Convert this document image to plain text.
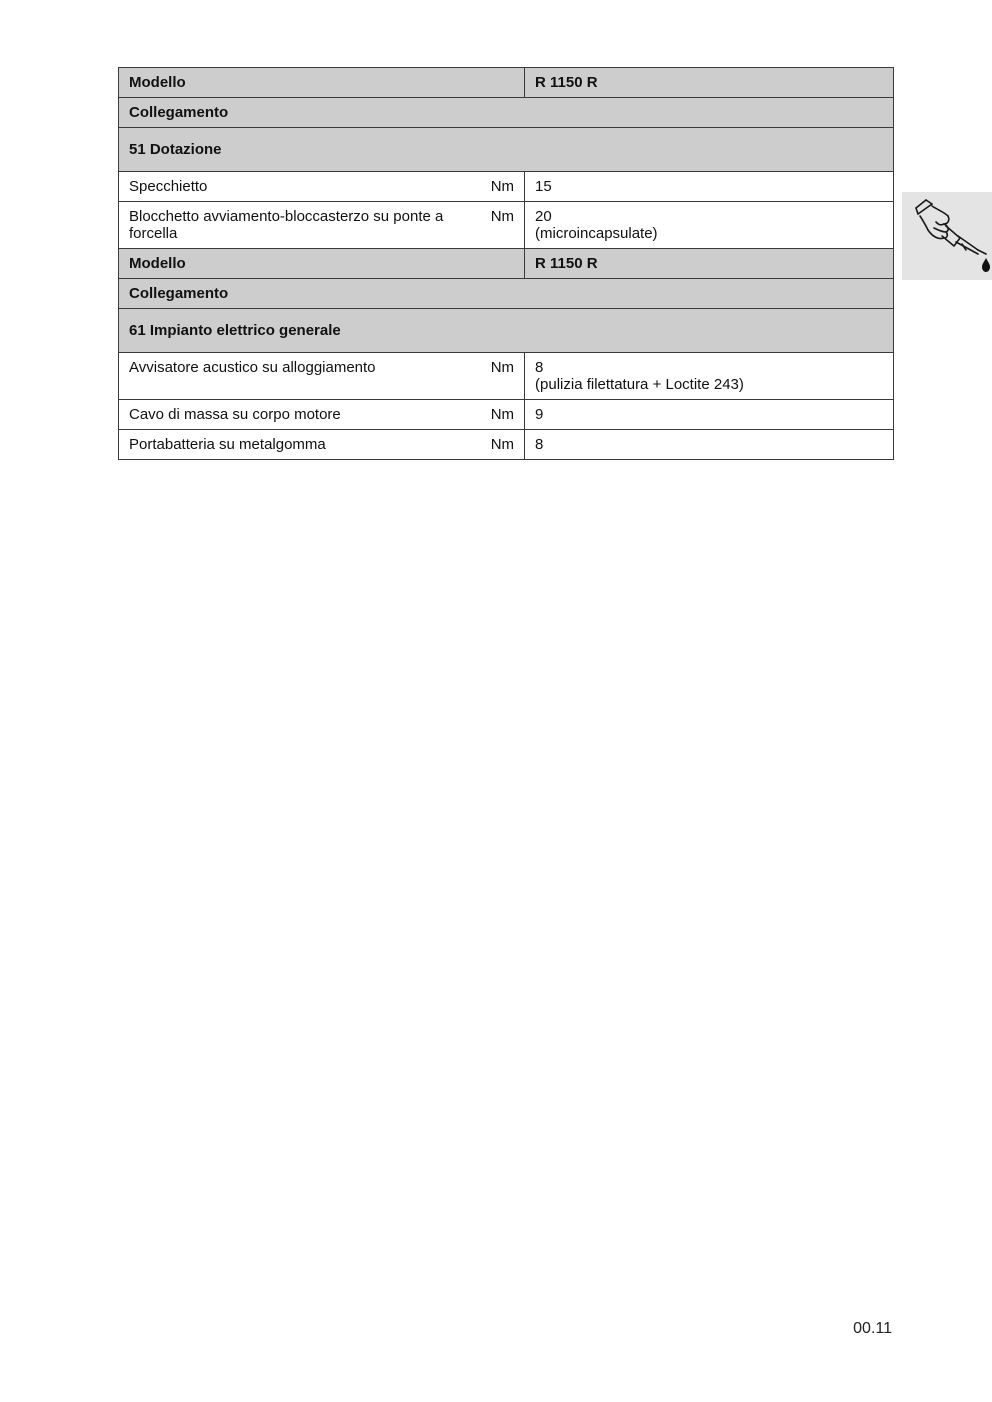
Modello		R 1150 R
Collegamento		
51 Dotazione		
Specchietto	Nm	15

Blocchetto avviamento-bloccasterzo su ponte a forcella	Nm	20
(microincapsulate)

Modello		R 1150 R
Collegamento		
61 Impianto elettrico generale		
Avvisatore acustico su alloggiamento	Nm	8
(pulizia filettatura + Loctite 243)

Cavo di massa su corpo motore	Nm	9

Portabatteria su metalgomma	Nm	8
00.11
